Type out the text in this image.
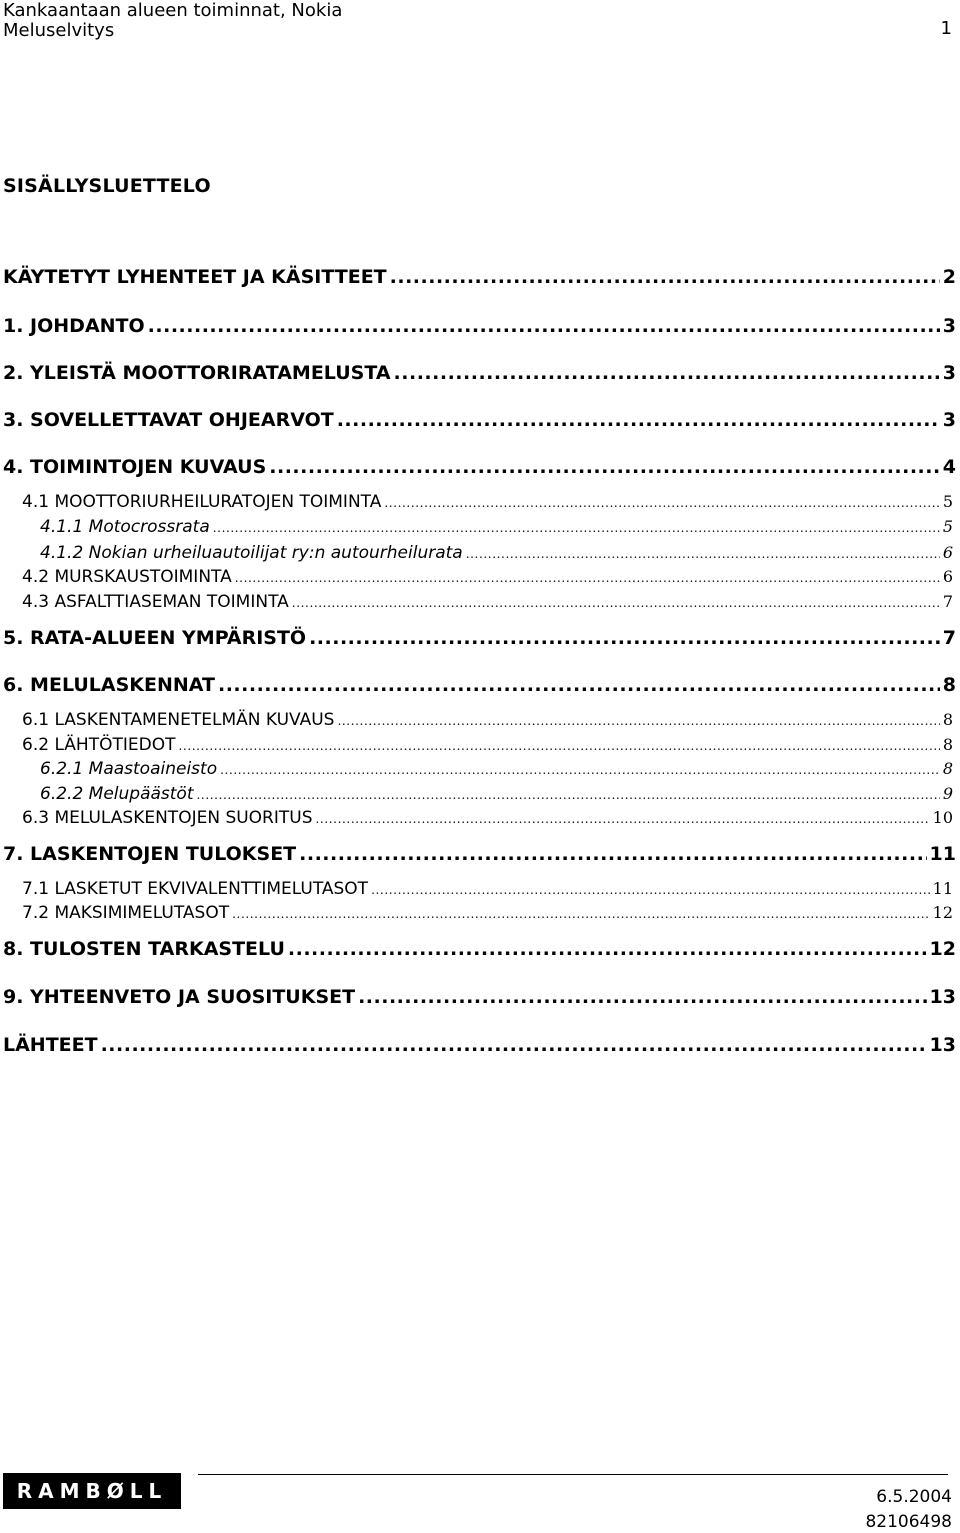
Kankaantaan alueen toiminnat, Nokia
Meluselvitys	1
SISÄLLYSLUETTELO
KÄYTETYT LYHENTEET JA KÄSITTEET .....	2
1. JOHDANTO .....	3
2. YLEISTÄ MOOTTORIRATAMELUSTA .....	3
3. SOVELLETTAVAT OHJEARVOT .....	3
4. TOIMINTOJEN KUVAUS .....	4
4.1 MOOTTORIURHEILURATOJEN TOIMINTA .....	5
4.1.1 Motocrossrata .....	5
4.1.2 Nokian urheiluautoilijat ry:n autourheilurata .....	6
4.2 MURSKAUSTOIMINTA .....	6
4.3 ASFALTTIASEMAN TOIMINTA .....	7
5. RATA-ALUEEN YMPÄRISTÖ .....	7
6. MELULASKENNAT .....	8
6.1 LASKENTAMENETELMÄN KUVAUS .....	8
6.2 LÄHTÖTIEDOT .....	8
6.2.1 Maastoaineisto .....	8
6.2.2 Melupäästöt .....	9
6.3 MELULASKENTOJEN SUORITUS .....	10
7. LASKENTOJEN TULOKSET .....	11
7.1 LASKETUT EKVIVALENTTIMELUTASOT .....	11
7.2 MAKSIMIMELUTASOT .....	12
8. TULOSTEN TARKASTELU .....	12
9. YHTEENVETO JA SUOSITUKSET .....	13
LÄHTEET .....	13
RAMBØLL	6.5.2004
82106498
